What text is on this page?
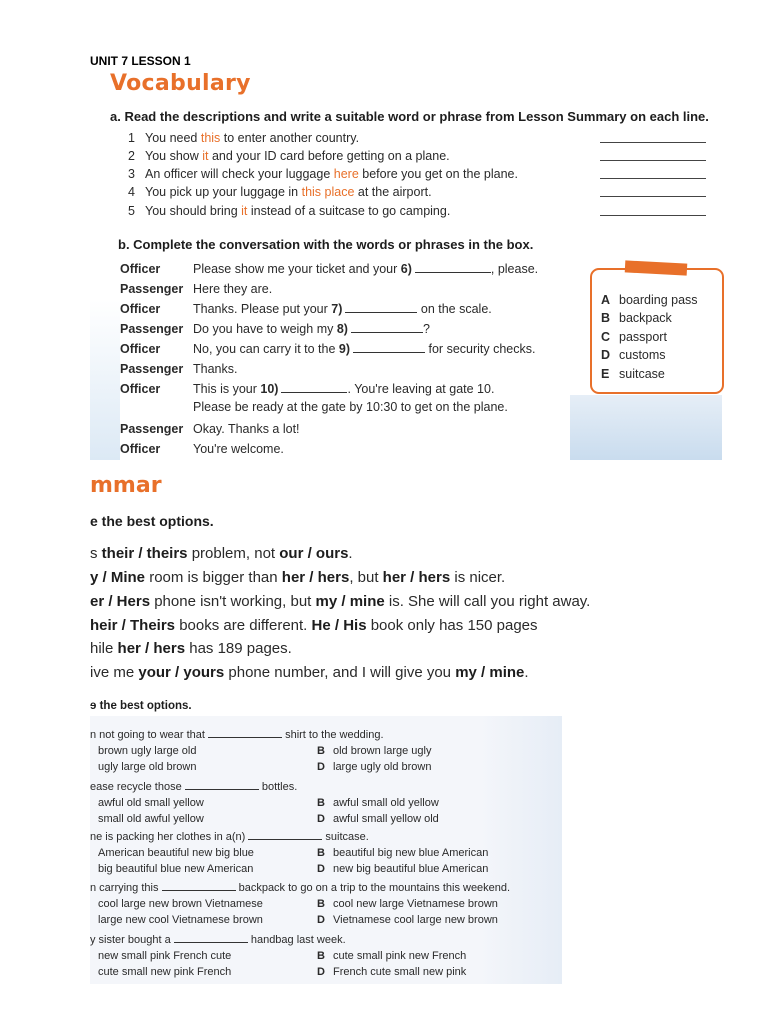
UNIT 7 LESSON 1
Vocabulary
a. Read the descriptions and write a suitable word or phrase from Lesson Summary on each line.
1 You need this to enter another country.
2 You show it and your ID card before getting on a plane.
3 An officer will check your luggage here before you get on the plane.
4 You pick up your luggage in this place at the airport.
5 You should bring it instead of a suitcase to go camping.
b. Complete the conversation with the words or phrases in the box.
Officer	Please show me your ticket and your 6)	, please.
Passenger Here they are.
Officer	Thanks. Please put your 7)	on the scale.
Passenger Do you have to weigh my 8)	?
Officer	No, you can carry it to the 9)	for security checks.
Passenger Thanks.
Officer	This is your 10)	. You're leaving at gate 10.
Please be ready at the gate by 10:30 to get on the plane.
Passenger Okay. Thanks a lot!
Officer	You're welcome.
A boarding pass
B backpack
C passport
D customs
E suitcase
mmar
e the best options.
s their / theirs problem, not our / ours.
y / Mine room is bigger than her / hers, but her / hers is nicer.
er / Hers phone isn't working, but my / mine is. She will call you right away.
heir / Theirs books are different. He / His book only has 150 pages
hile her / hers has 189 pages.
ive me your / yours phone number, and I will give you my / mine.
ɘ the best options.
n not going to wear that	shirt to the wedding.
brown ugly large old	B old brown large ugly
ugly large old brown	D large ugly old brown
ease recycle those	bottles.
awful old small yellow	B awful small old yellow
small old awful yellow	D awful small yellow old
ne is packing her clothes in a(n)	suitcase.
American beautiful new big blue	B beautiful big new blue American
big beautiful blue new American	D new big beautiful blue American
n carrying this	backpack to go on a trip to the mountains this weekend.
cool large new brown Vietnamese	B cool new large Vietnamese brown
large new cool Vietnamese brown	D Vietnamese cool large new brown
y sister bought a	handbag last week.
new small pink French cute	B cute small pink new French
cute small new pink French	D French cute small new pink
